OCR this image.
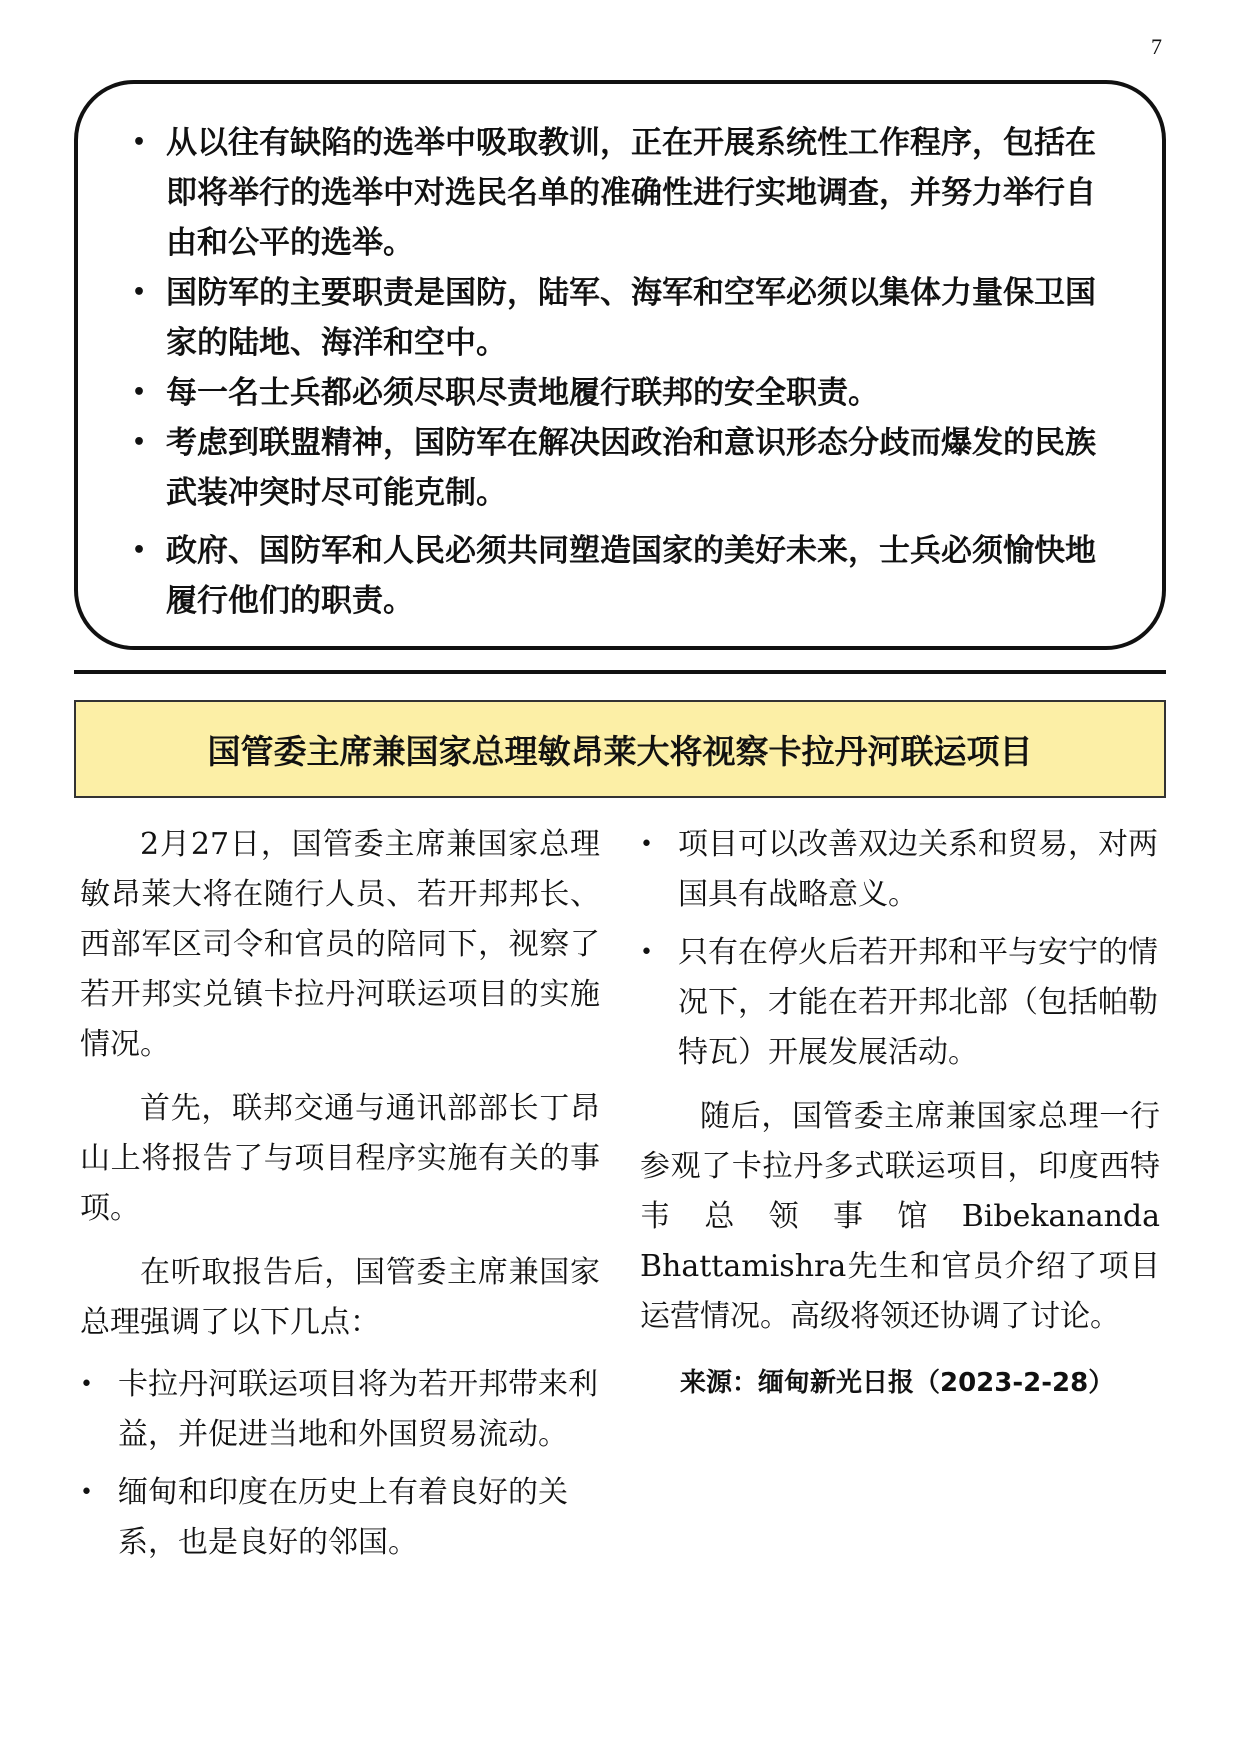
7
• 从以往有缺陷的选举中吸取教训，正在开展系统性工作程序，包括在即将举行的选举中对选民名单的准确性进行实地调查，并努力举行自由和公平的选举。
• 国防军的主要职责是国防，陆军、海军和空军必须以集体力量保卫国家的陆地、海洋和空中。
• 每一名士兵都必须尽职尽责地履行联邦的安全职责。
• 考虑到联盟精神，国防军在解决因政治和意识形态分歧而爆发的民族武装冲突时尽可能克制。
• 政府、国防军和人民必须共同塑造国家的美好未来，士兵必须愉快地履行他们的职责。
国管委主席兼国家总理敏昂莱大将视察卡拉丹河联运项目

2月27日，国管委主席兼国家总理敏昂莱大将在随行人员、若开邦邦长、西部军区司令和官员的陪同下，视察了若开邦实兑镇卡拉丹河联运项目的实施情况。

首先，联邦交通与通讯部部长丁昂山上将报告了与项目程序实施有关的事项。

在听取报告后，国管委主席兼国家总理强调了以下几点：

• 卡拉丹河联运项目将为若开邦带来利益，并促进当地和外国贸易流动。
• 缅甸和印度在历史上有着良好的关系，也是良好的邻国。
• 项目可以改善双边关系和贸易，对两国具有战略意义。
• 只有在停火后若开邦和平与安宁的情况下，才能在若开邦北部（包括帕勒特瓦）开展发展活动。

随后，国管委主席兼国家总理一行参观了卡拉丹多式联运项目，印度西特韦总领事馆Bibekananda Bhattamishra先生和官员介绍了项目运营情况。高级将领还协调了讨论。

来源：缅甸新光日报（2023-2-28）
